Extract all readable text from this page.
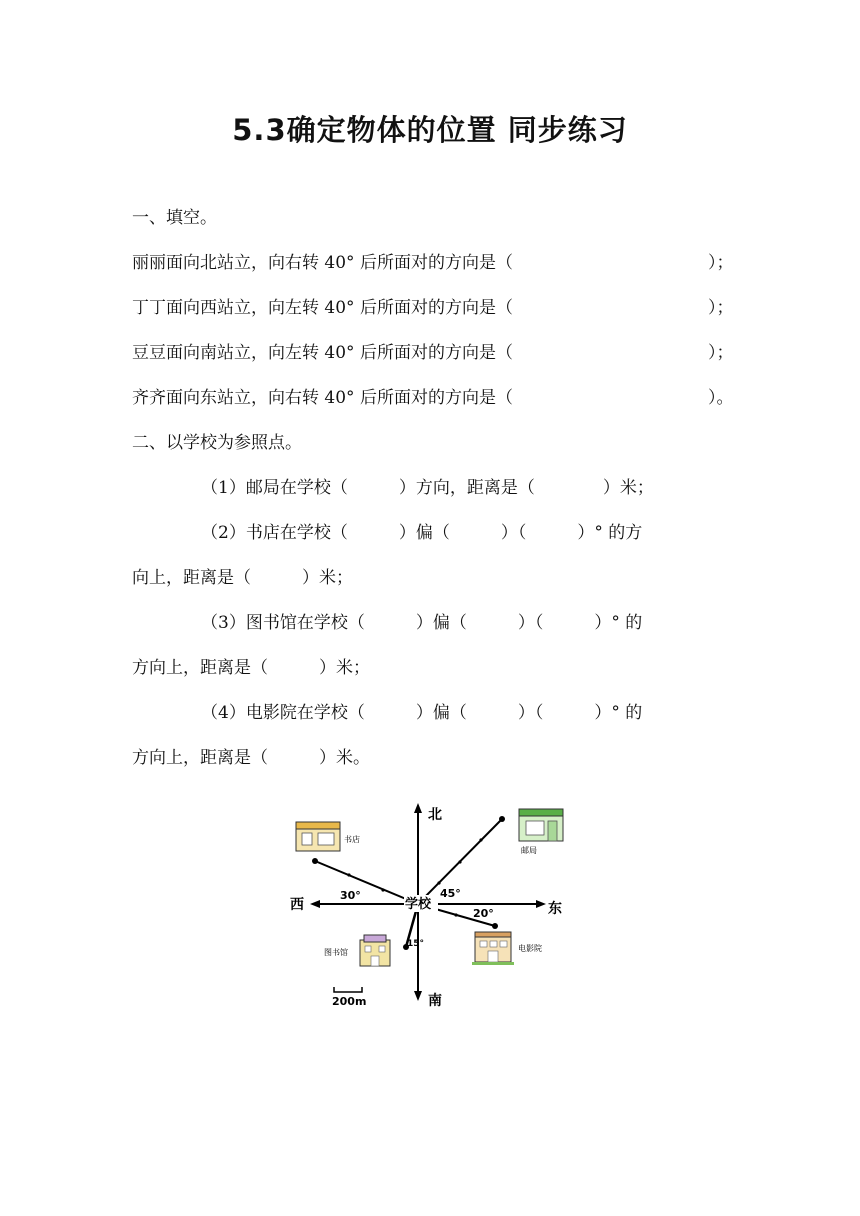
5.3确定物体的位置 同步练习
一、填空。
丽丽面向北站立，向右转 40° 后所面对的方向是（	）；
丁丁面向西站立，向左转 40° 后所面对的方向是（	）；
豆豆面向南站立，向左转 40° 后所面对的方向是（	）；
齐齐面向东站立，向右转 40° 后所面对的方向是（	）。
二、以学校为参照点。
（1）邮局在学校（　　　）方向，距离是（　　　　）米；
（2）书店在学校（　　　）偏（　　　）（　　　）° 的方
向上，距离是（　　　）米；
（3）图书馆在学校（　　　）偏（　　　）（　　　）° 的
方向上，距离是（　　　）米；
（4）电影院在学校（　　　）偏（　　　）（　　　）° 的
方向上，距离是（　　　）米。
北
南
东
西
30°	45°
20°
15°
学校
书店
邮局
图书馆	电影院
200m
